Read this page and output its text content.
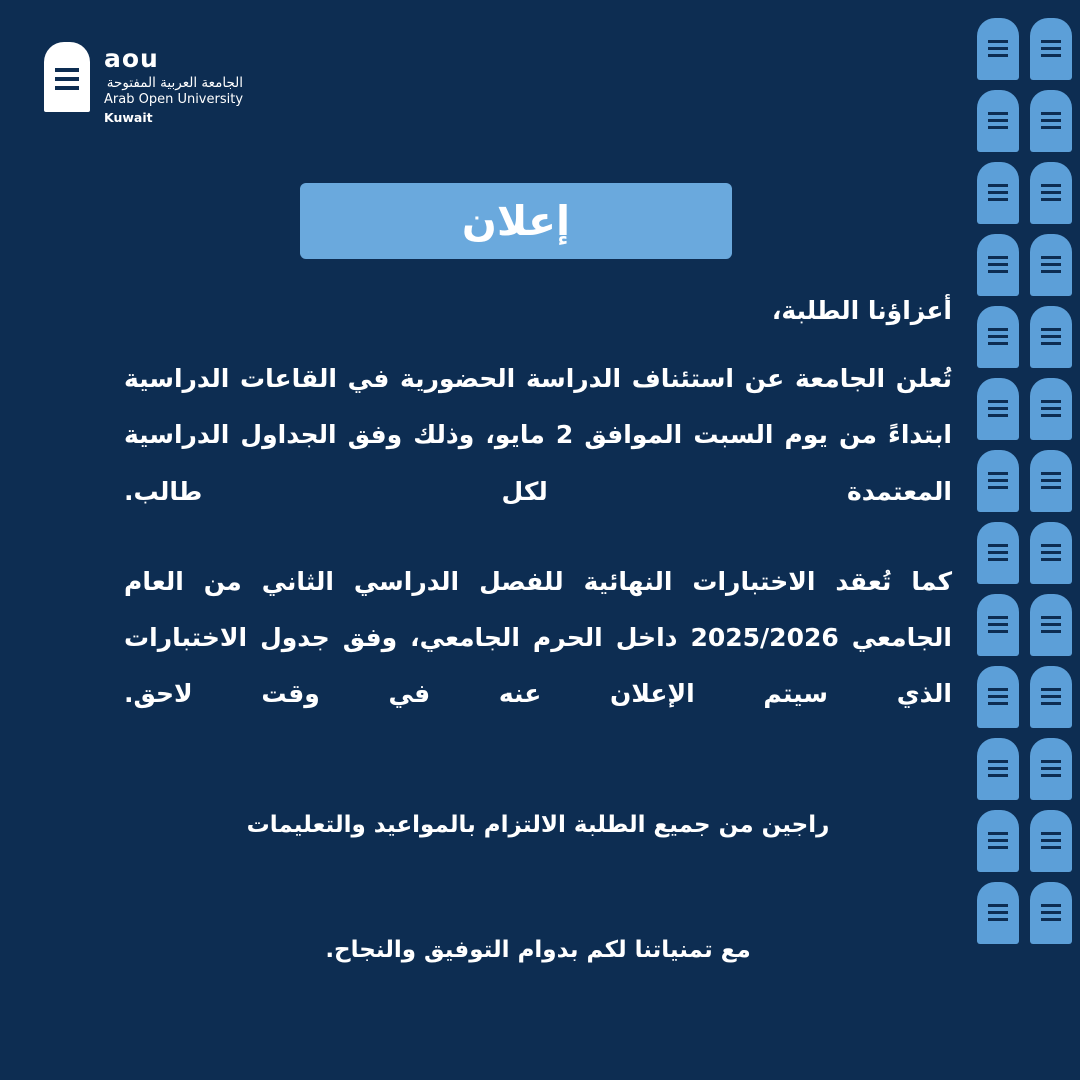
aou
الجامعة العربية المفتوحة
Arab Open University
Kuwait
إعلان
أعزاؤنا الطلبة،

تُعلن الجامعة عن استئناف الدراسة الحضورية في القاعات الدراسية ابتداءً من يوم السبت الموافق 2 مايو، وذلك وفق الجداول الدراسية المعتمدة لكل طالب.

كما تُعقد الاختبارات النهائية للفصل الدراسي الثاني من العام الجامعي 2025/2026 داخل الحرم الجامعي، وفق جدول الاختبارات الذي سيتم الإعلان عنه في وقت لاحق.

راجين من جميع الطلبة الالتزام بالمواعيد والتعليمات
مع تمنياتنا لكم بدوام التوفيق والنجاح.
